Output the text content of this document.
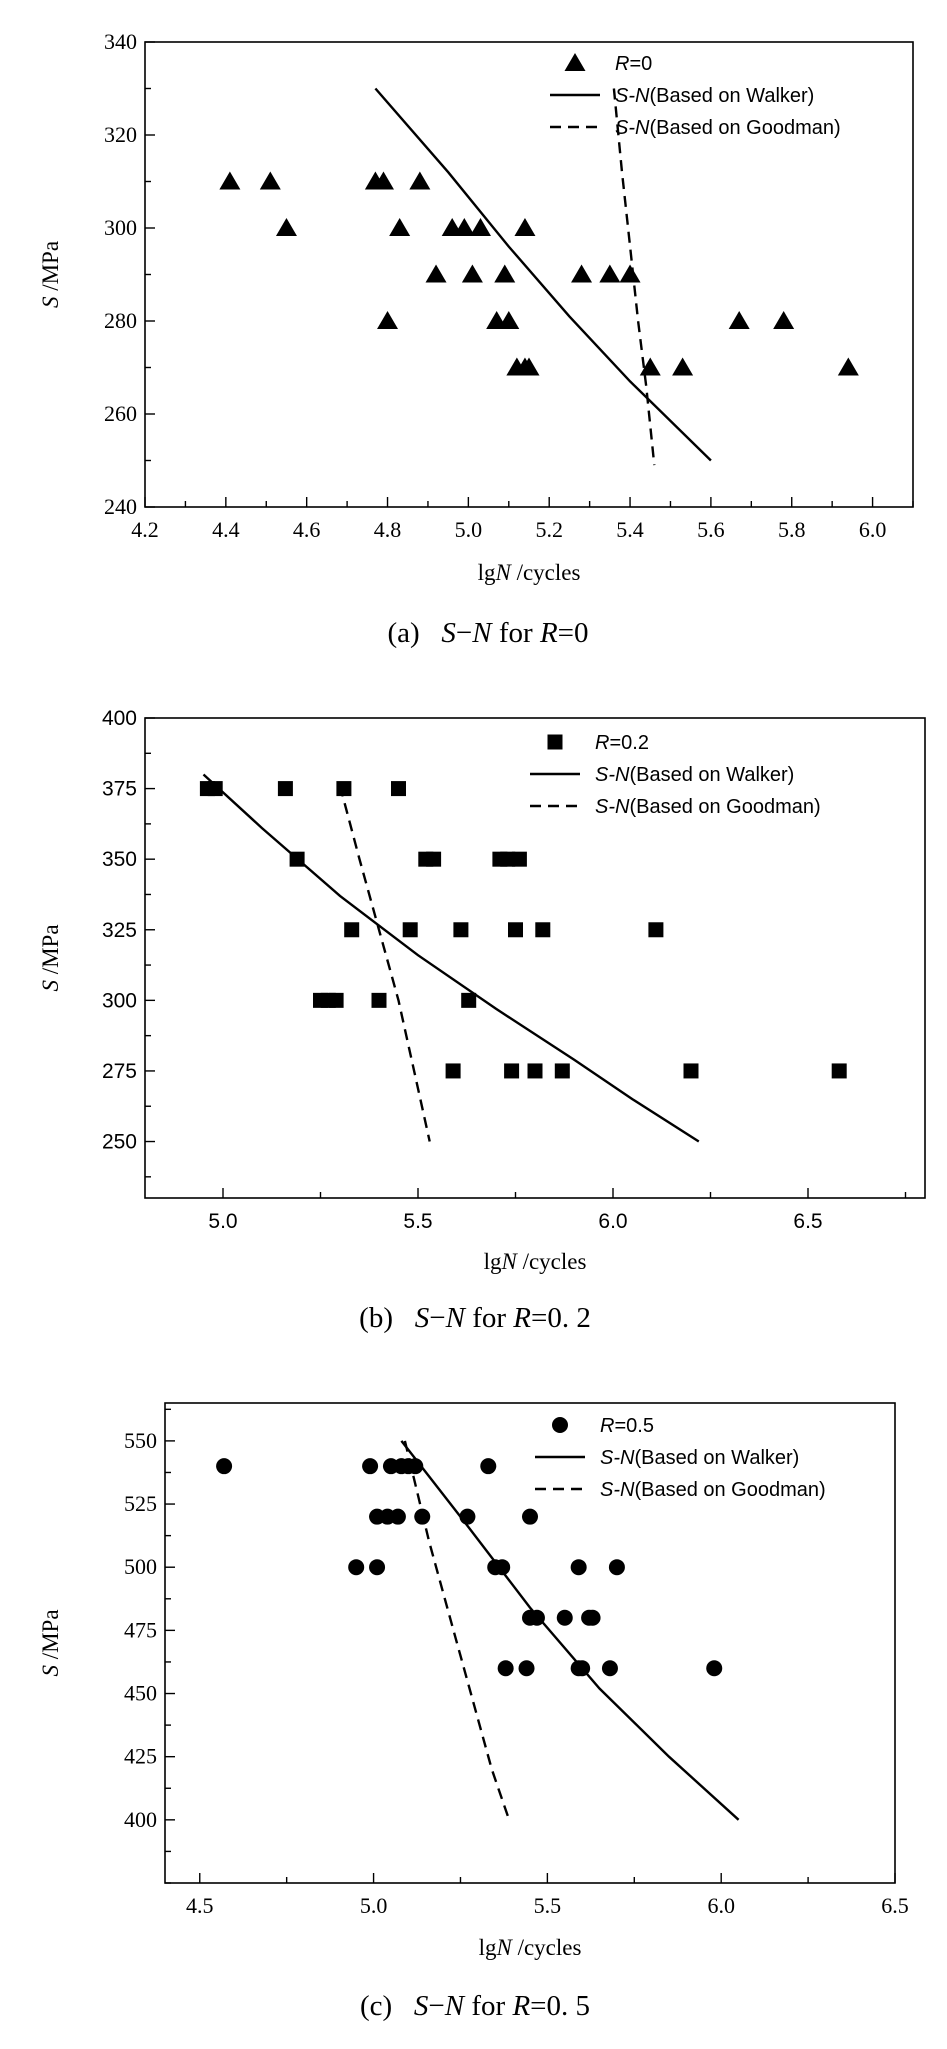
4.2 4.4 4.6 4.8 5.0 5.2 5.4 5.6 5.8 6.0
240
260
280
300
320
340
lgN /cycles
S /MPa
R=0
S-N(Based on Walker)
S-N(Based on Goodman)
(a) S−N for R=0
5.0	5.5	6.0	6.5
250
275
300
325
350
375
400
lgN /cycles
S /MPa
R=0.2
S-N(Based on Walker)
S-N(Based on Goodman)
(b) S−N for R=0. 2
4.5	5.0	5.5	6.0	6.5
400
425
450
475
500
525
550
lgN /cycles
S /MPa
R=0.5
S-N(Based on Walker)
S-N(Based on Goodman)
(c) S−N for R=0. 5
